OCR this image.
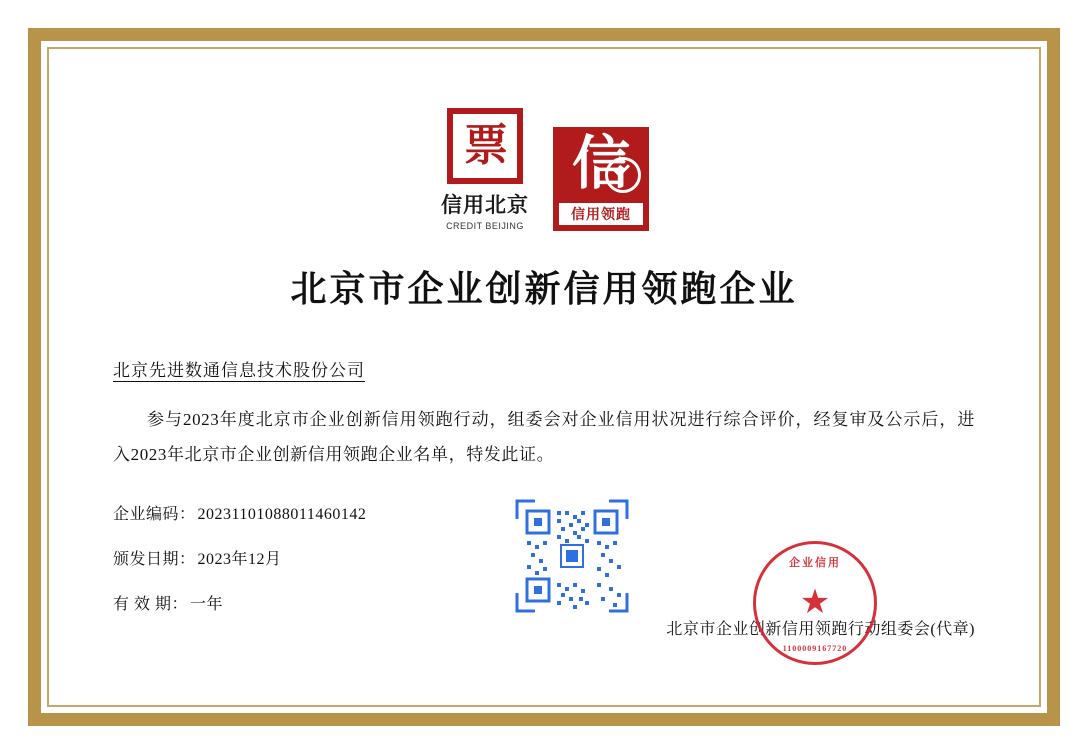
票
信用北京
CREDIT BEIJING
信
信用领跑
北京市企业创新信用领跑企业
北京先进数通信息技术股份公司
参与2023年度北京市企业创新信用领跑行动，组委会对企业信用状况进行综合评价，经复审及公示后，进入2023年北京市企业创新信用领跑企业名单，特发此证。
企业编码： 20231101088011460142
颁发日期： 2023年12月
有 效 期： 一年
北京市企业创新信用领跑行动组委会(代章)
企业信用
★
1100009167720
